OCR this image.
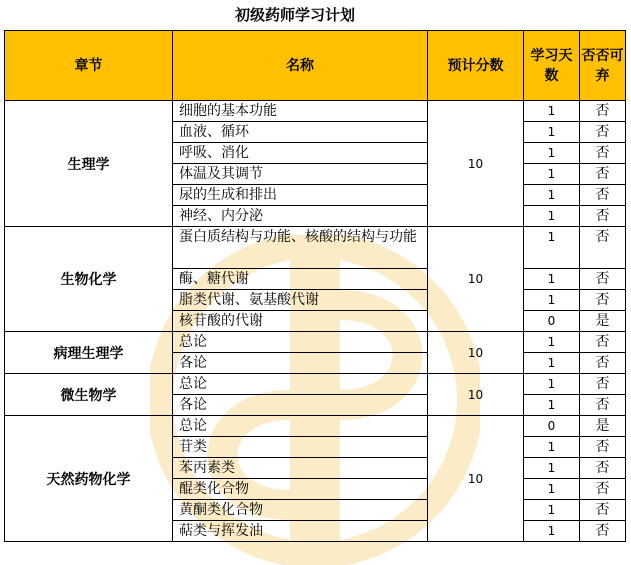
初级药师学习计划
章节	名称	预计分数	学习天数	否否可弃
生理学	细胞的基本功能	10	1	否
	血液、循环		1	否
	呼吸、消化		1	否
	体温及其调节		1	否
	尿的生成和排出		1	否
	神经、内分泌		1	否
生物化学	蛋白质结构与功能、核酸的结构与功能	10	1	否
	酶、糖代谢		1	否
	脂类代谢、氨基酸代谢		1	否
	核苷酸的代谢		0	是
病理生理学	总论	10	1	否
	各论		1	否
微生物学	总论	10	1	否
	各论		1	否
天然药物化学	总论	10	0	是
	苷类		1	否
	苯丙素类		1	否
	醌类化合物		1	否
	黄酮类化合物		1	否
	萜类与挥发油		1	否
